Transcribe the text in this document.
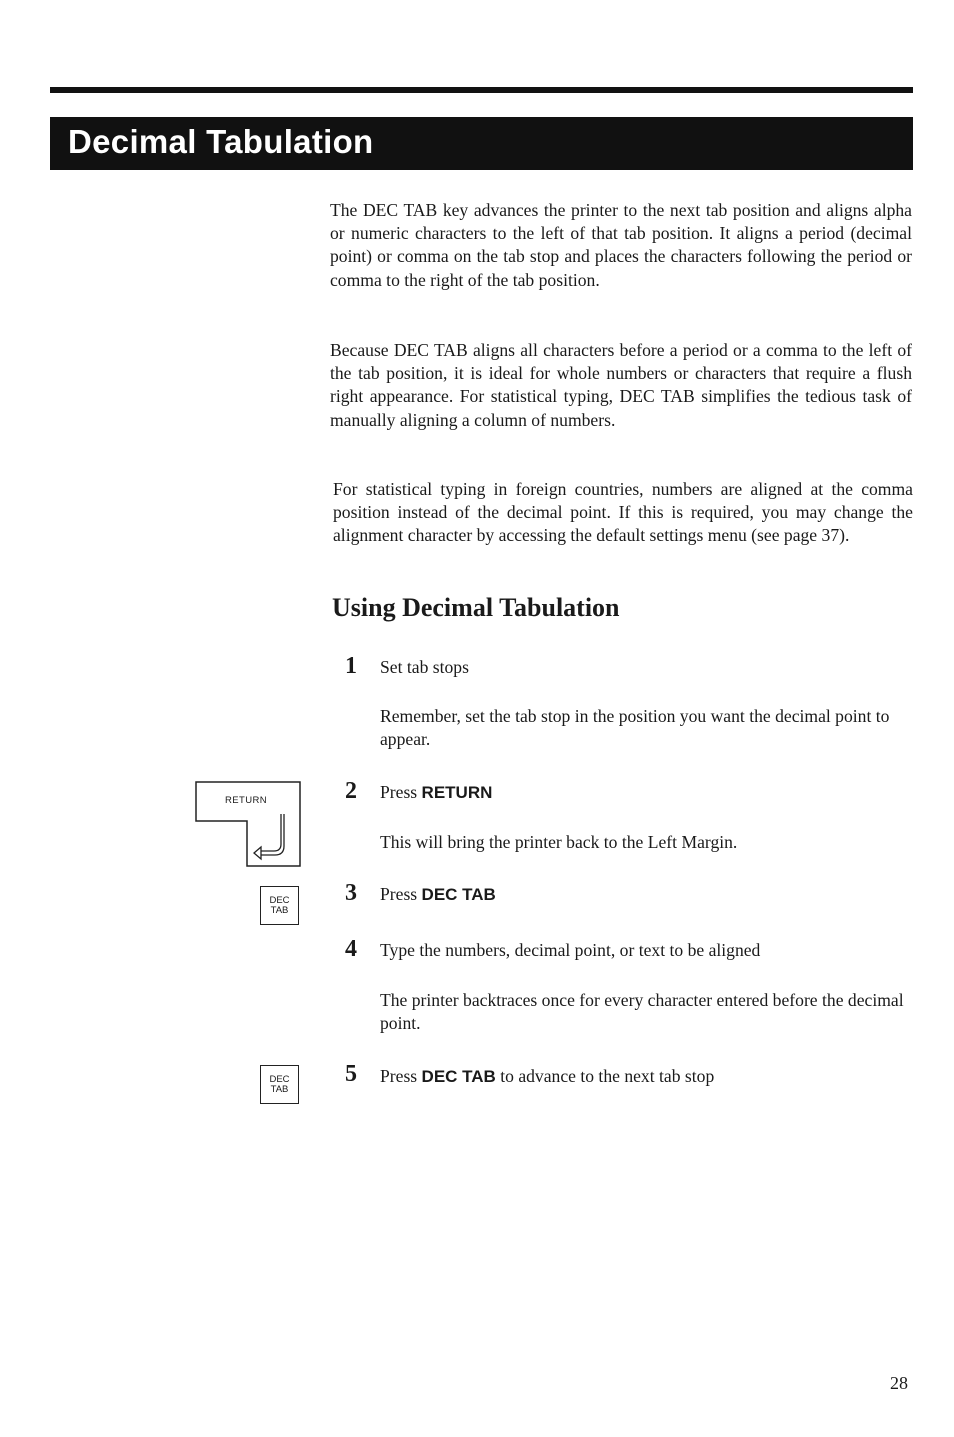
Decimal Tabulation

The DEC TAB key advances the printer to the next tab position and aligns alpha or numeric characters to the left of that tab position. It aligns a period (decimal point) or comma on the tab stop and places the characters following the period or comma to the right of the tab position.

Because DEC TAB aligns all characters before a period or a comma to the left of the tab position, it is ideal for whole numbers or characters that require a flush right appearance. For statistical typing, DEC TAB simplifies the tedious task of manually aligning a column of numbers.

For statistical typing in foreign countries, numbers are aligned at the comma position instead of the decimal point. If this is required, you may change the alignment character by accessing the default settings menu (see page 37).

Using Decimal Tabulation
1 Set tab stops

Remember, set the tab stop in the position you want the decimal point to appear.

2 Press RETURN

This will bring the printer back to the Left Margin.

3 Press DEC TAB
4 Type the numbers, decimal point, or text to be aligned

The printer backtraces once for every character entered before the decimal point.

5 Press DEC TAB to advance to the next tab stop
RETURN
DEC
TAB
DEC
TAB
28
